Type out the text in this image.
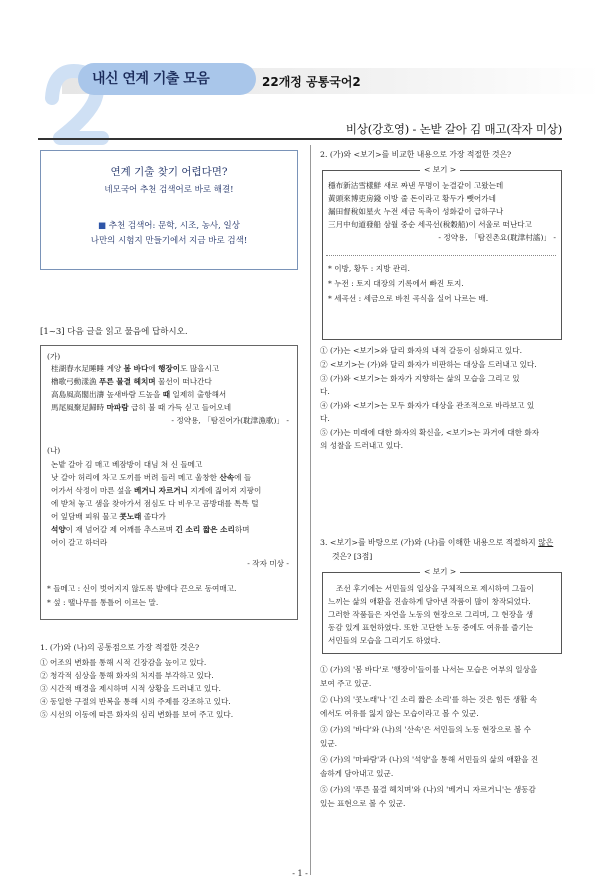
내신 연계 기출 모음	22개정 공통국어2
비상(강호영) - 논밭 갈아 김 매고(작자 미상)
연계 기출 찾기 어렵다면?
네모국어 추천 검색어로 바로 해결!
■ 추천 검색어: 문학, 시조, 농사, 일상
나만의 시험지 만들기에서 지금 바로 검색!
[1~3] 다음 글을 읽고 물음에 답하시오.
(가)
桂湖舂水足睡睡 계양 봄 바다에 행장이도 많을시고
櫓歌弓動漾漁 푸른 물결 헤치며 물선이 떠나간다
高島風高閣出濤 높새바람 드높을 때 일제히 출항해서
馬尾風聚足歸時 마파람 급히 불 때 가득 싣고 들어오네
- 정약용, 「탐진어가(耽津漁歌)」 -
(나)
논밭 갈아 김 매고 베잠방이 대님 쳐 신 들메고
낫 갈아 허리에 차고 도끼를 버려 들러 메고 울창한 산속에 들
어가서 삭정이 마른 섶을 베거니 자르거니 지게에 짊어져 지팡이
에 받쳐 놓고 샘을 찾아가서 점심도 다 비우고 곰방대를 톡톡 털
어 잎담배 피워 물고 콧노래 졸다가
석양이 재 넘어갈 제 어깨를 추스르며 긴 소리 짧은 소리하며
어이 갈고 하더라
- 작자 미상 -
* 들메고 : 신이 벗어지지 않도록 발에다 끈으로 동여매고.
* 섶 : 땔나무를 통틀어 이르는 말.
1. (가)와 (나)의 공통점으로 가장 적절한 것은?
① 어조의 변화를 통해 시적 긴장감을 높이고 있다.
② 청각적 심상을 통해 화자의 처지를 부각하고 있다.
③ 시간적 배경을 제시하며 시적 상황을 드러내고 있다.
④ 동일한 구절의 반복을 통해 시의 주제를 강조하고 있다.
⑤ 시선의 이동에 따른 화자의 심리 변화를 보여 주고 있다.
2. (가)와 <보기>를 비교한 내용으로 가장 적절한 것은?
< 보기 >
穩布新沽雪樣鮮 새로 짜낸 무명이 눈결같이 고왔는데
黃頭來博吏房錢 이방 줄 돈이라고 황두가 뺏어가네
漏田督稅如星火 누전 세금 독촉이 성화같이 급하구나
三月中旬道發船 삼월 중순 세곡선(稅穀船)이 서울로 떠난다고
- 정약용, 「탐진촌요(耽津村謠)」 -
* 이방, 황두 : 지방 관리.
* 누전 : 토지 대장의 기록에서 빠진 토지.
* 세곡선 : 세금으로 바친 곡식을 실어 나르는 배.
① (가)는 <보기>와 달리 화자의 내적 갈등이 심화되고 있다.
② <보기>는 (가)와 달리 화자가 비판하는 대상을 드러내고 있다.
③ (가)와 <보기>는 화자가 지향하는 삶의 모습을 그리고 있
다.
④ (가)와 <보기>는 모두 화자가 대상을 관조적으로 바라보고 있
다.
⑤ (가)는 미래에 대한 화자의 확신을, <보기>는 과거에 대한 화자
의 성찰을 드러내고 있다.
3. <보기>를 바탕으로 (가)와 (나)를 이해한 내용으로 적절하지 않은
것은? [3점]
< 보기 >
조선 후기에는 서민들의 일상을 구체적으로 제시하여 그들이
느끼는 삶의 애환을 진솔하게 담아낸 작품이 많이 창작되었다.
그러한 작품들은 자연을 노동의 현장으로 그리며, 그 현장을 생
동감 있게 표현하였다. 또한 고단한 노동 중에도 여유를 즐기는
서민들의 모습을 그리기도 하였다.
① (가)의 '봄 바다'로 '행장이'들이를 나서는 모습은 어부의 일상을
보여 주고 있군.
② (나)의 '콧노래'나 '긴 소리 짧은 소리'를 하는 것은 힘든 생활 속
에서도 여유를 잃지 않는 모습이라고 볼 수 있군.
③ (가)의 '바다'와 (나)의 '산속'은 서민들의 노동 현장으로 볼 수
있군.
④ (가)의 '마파람'과 (나)의 '석양'을 통해 서민들의 삶의 애환을 진
솔하게 담아내고 있군.
⑤ (가)의 '푸른 물결 헤치며'와 (나)의 '베거니 자르거니'는 생동감
있는 표현으로 볼 수 있군.
- 1 -
